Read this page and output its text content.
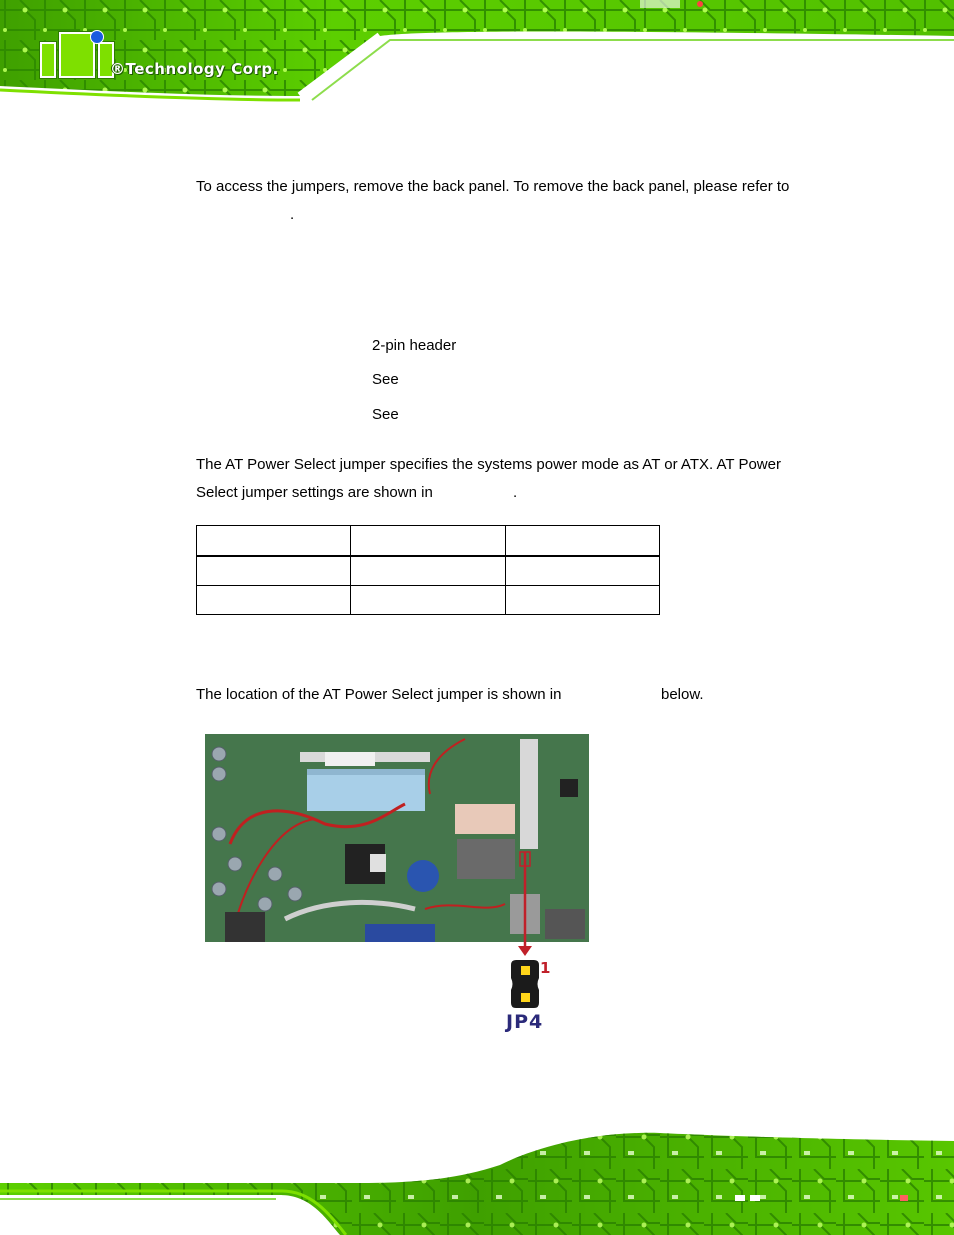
®Technology Corp.
To access the jumpers, remove the back panel. To remove the back panel, please refer to
.
2-pin header
See
See
The AT Power Select jumper specifies the systems power mode as AT or ATX. AT Power
Select jumper settings are shown in	.

The location of the AT Power Select jumper is shown in	below.
1
JP4
